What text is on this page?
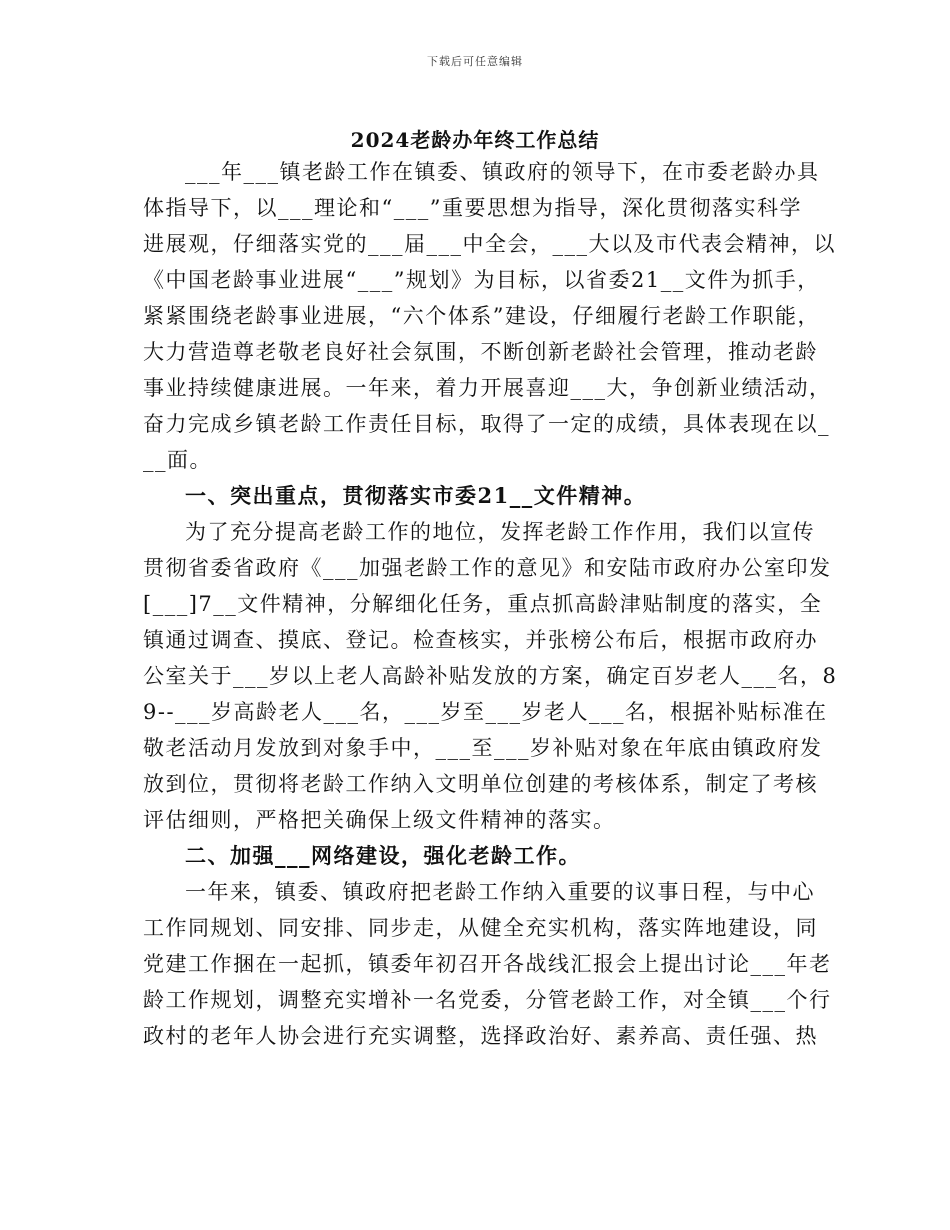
下载后可任意编辑
2024老龄办年终工作总结
___年___镇老龄工作在镇委、镇政府的领导下，在市委老龄办具
体指导下，以___理论和“___”重要思想为指导，深化贯彻落实科学
进展观，仔细落实党的___届___中全会，___大以及市代表会精神，以
《中国老龄事业进展“___”规划》为目标，以省委21__文件为抓手，
紧紧围绕老龄事业进展，“六个体系”建设，仔细履行老龄工作职能，
大力营造尊老敬老良好社会氛围，不断创新老龄社会管理，推动老龄
事业持续健康进展。一年来，着力开展喜迎___大，争创新业绩活动，
奋力完成乡镇老龄工作责任目标，取得了一定的成绩，具体表现在以_
__面。
一、突出重点，贯彻落实市委21__文件精神。
为了充分提高老龄工作的地位，发挥老龄工作作用，我们以宣传
贯彻省委省政府《___加强老龄工作的意见》和安陆市政府办公室印发
[___]7__文件精神，分解细化任务，重点抓高龄津贴制度的落实，全
镇通过调查、摸底、登记。检查核实，并张榜公布后，根据市政府办
公室关于___岁以上老人高龄补贴发放的方案，确定百岁老人___名，8
9--___岁高龄老人___名，___岁至___岁老人___名，根据补贴标准在
敬老活动月发放到对象手中，___至___岁补贴对象在年底由镇政府发
放到位，贯彻将老龄工作纳入文明单位创建的考核体系，制定了考核
评估细则，严格把关确保上级文件精神的落实。
二、加强___网络建设，强化老龄工作。
一年来，镇委、镇政府把老龄工作纳入重要的议事日程，与中心
工作同规划、同安排、同步走，从健全充实机构，落实阵地建设，同
党建工作捆在一起抓，镇委年初召开各战线汇报会上提出讨论___年老
龄工作规划，调整充实增补一名党委，分管老龄工作，对全镇___个行
政村的老年人协会进行充实调整，选择政治好、素养高、责任强、热
